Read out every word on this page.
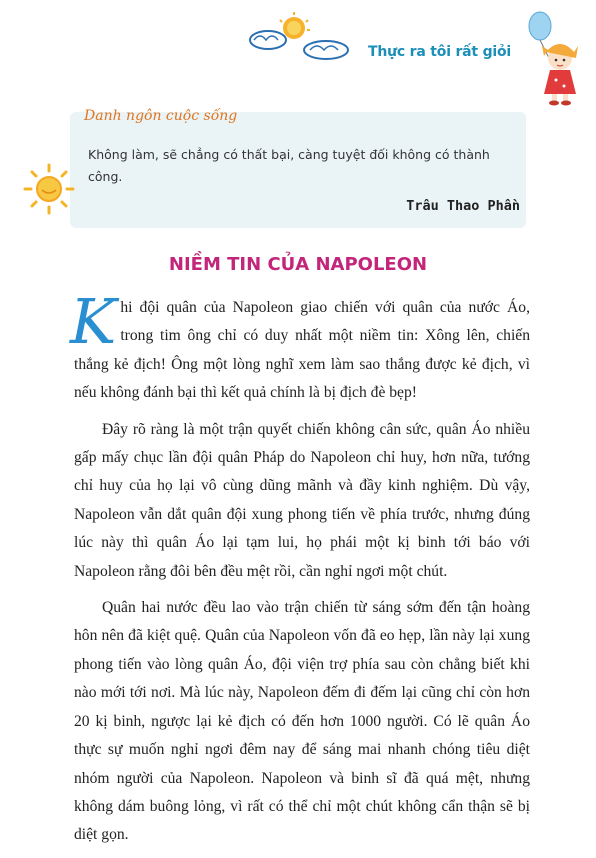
Thực ra tôi rất giỏi
Danh ngôn cuộc sống
Không làm, sẽ chẳng có thất bại, càng tuyệt đối không có thành công.
Trâu Thao Phần
NIỀM TIN CỦA NAPOLEON

Khi đội quân của Napoleon giao chiến với quân của nước Áo, trong tim ông chỉ có duy nhất một niềm tin: Xông lên, chiến thắng kẻ địch! Ông một lòng nghĩ xem làm sao thắng được kẻ địch, vì nếu không đánh bại thì kết quả chính là bị địch đè bẹp!

Đây rõ ràng là một trận quyết chiến không cân sức, quân Áo nhiều gấp mấy chục lần đội quân Pháp do Napoleon chỉ huy, hơn nữa, tướng chỉ huy của họ lại vô cùng dũng mãnh và đầy kinh nghiệm. Dù vậy, Napoleon vẫn dắt quân đội xung phong tiến về phía trước, nhưng đúng lúc này thì quân Áo lại tạm lui, họ phái một kị binh tới báo với Napoleon rằng đôi bên đều mệt rồi, cần nghỉ ngơi một chút.

Quân hai nước đều lao vào trận chiến từ sáng sớm đến tận hoàng hôn nên đã kiệt quệ. Quân của Napoleon vốn đã eo hẹp, lần này lại xung phong tiến vào lòng quân Áo, đội viện trợ phía sau còn chẳng biết khi nào mới tới nơi. Mà lúc này, Napoleon đếm đi đếm lại cũng chỉ còn hơn 20 kị binh, ngược lại kẻ địch có đến hơn 1000 người. Có lẽ quân Áo thực sự muốn nghỉ ngơi đêm nay để sáng mai nhanh chóng tiêu diệt nhóm người của Napoleon. Napoleon và binh sĩ đã quá mệt, nhưng không dám buông lỏng, vì rất có thể chỉ một chút không cẩn thận sẽ bị diệt gọn.
